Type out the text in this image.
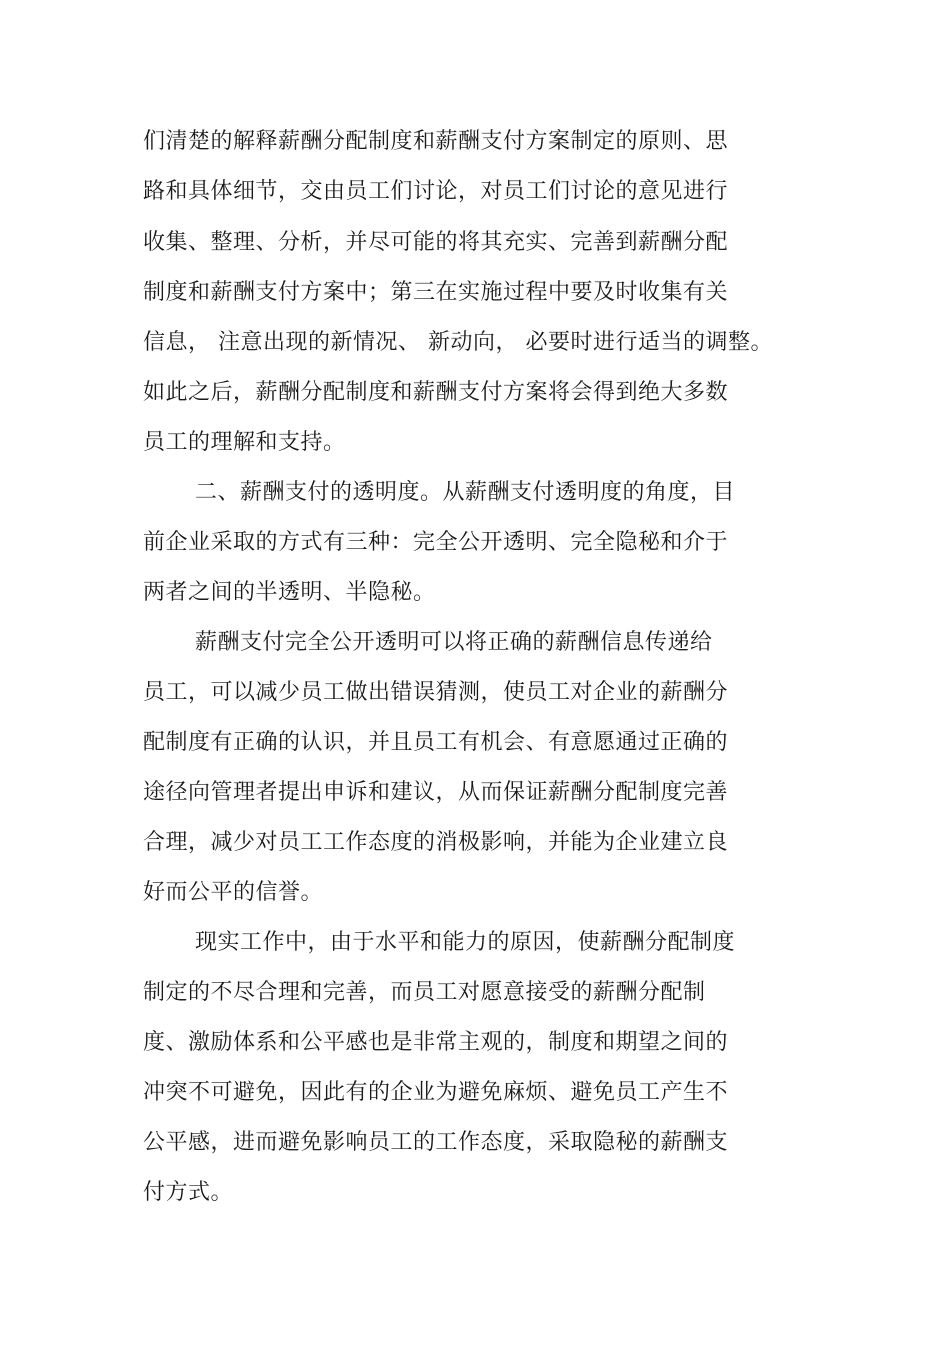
们清楚的解释薪酬分配制度和薪酬支付方案制定的原则、思
路和具体细节，交由员工们讨论，对员工们讨论的意见进行
收集、整理、分析，并尽可能的将其充实、完善到薪酬分配
制度和薪酬支付方案中；第三在实施过程中要及时收集有关
信息， 注意出现的新情况、 新动向， 必要时进行适当的调整。
如此之后，薪酬分配制度和薪酬支付方案将会得到绝大多数
员工的理解和支持。
二、薪酬支付的透明度。从薪酬支付透明度的角度，目
前企业采取的方式有三种：完全公开透明、完全隐秘和介于
两者之间的半透明、半隐秘。
薪酬支付完全公开透明可以将正确的薪酬信息传递给
员工，可以减少员工做出错误猜测，使员工对企业的薪酬分
配制度有正确的认识，并且员工有机会、有意愿通过正确的
途径向管理者提出申诉和建议，从而保证薪酬分配制度完善
合理，减少对员工工作态度的消极影响，并能为企业建立良
好而公平的信誉。
现实工作中，由于水平和能力的原因，使薪酬分配制度
制定的不尽合理和完善，而员工对愿意接受的薪酬分配制
度、激励体系和公平感也是非常主观的，制度和期望之间的
冲突不可避免，因此有的企业为避免麻烦、避免员工产生不
公平感，进而避免影响员工的工作态度，采取隐秘的薪酬支
付方式。
